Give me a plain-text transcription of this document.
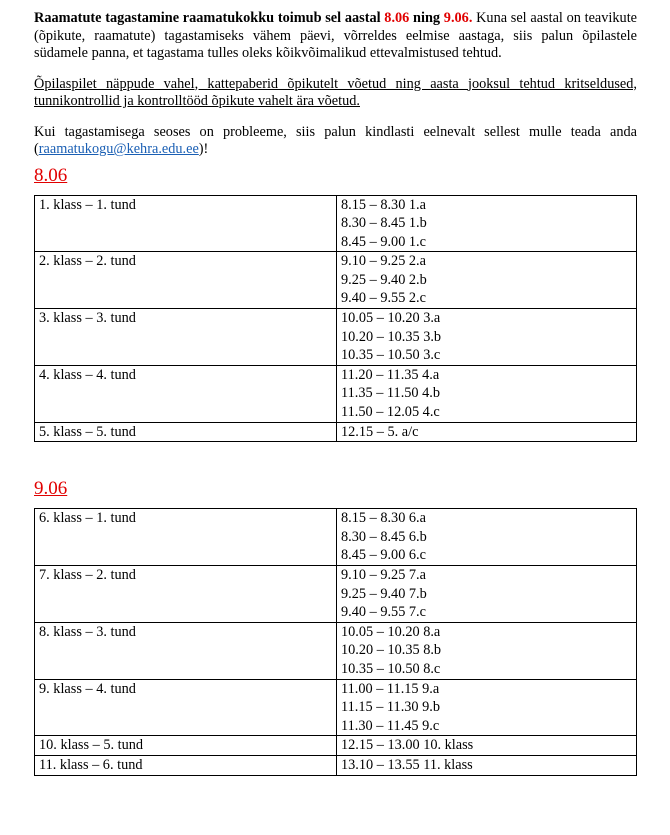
Raamatute tagastamine raamatukokku toimub sel aastal 8.06 ning 9.06. Kuna sel aastal on teavikute (õpikute, raamatute) tagastamiseks vähem päevi, võrreldes eelmise aastaga, siis palun õpilastele südamele panna, et tagastama tulles oleks kõikvõimalikud ettevalmistused tehtud.

Õpilaspilet näppude vahel, kattepaberid õpikutelt võetud ning aasta jooksul tehtud kritseldused, tunnikontrollid ja kontrolltööd õpikute vahelt ära võetud.

Kui tagastamisega seoses on probleeme, siis palun kindlasti eelnevalt sellest mulle teada anda (raamatukogu@kehra.edu.ee)!

8.06
1. klass – 1. tund	8.15 – 8.30 1.a
8.30 – 8.45 1.b
8.45 – 9.00 1.c

2. klass – 2. tund	9.10 – 9.25 2.a
9.25 – 9.40 2.b
9.40 – 9.55 2.c

3. klass – 3. tund	10.05 – 10.20 3.a
10.20 – 10.35 3.b
10.35 – 10.50 3.c

4. klass – 4. tund	11.20 – 11.35 4.a
11.35 – 11.50 4.b
11.50 – 12.05 4.c

5. klass – 5. tund	12.15 – 5. a/c
9.06
6. klass – 1. tund	8.15 – 8.30 6.a
8.30 – 8.45 6.b
8.45 – 9.00 6.c

7. klass – 2. tund	9.10 – 9.25 7.a
9.25 – 9.40 7.b
9.40 – 9.55 7.c

8. klass – 3. tund	10.05 – 10.20 8.a
10.20 – 10.35 8.b
10.35 – 10.50 8.c

9. klass – 4. tund	11.00 – 11.15 9.a
11.15 – 11.30 9.b
11.30 – 11.45 9.c

10. klass – 5. tund	12.15 – 13.00 10. klass

11. klass – 6. tund	13.10 – 13.55 11. klass
